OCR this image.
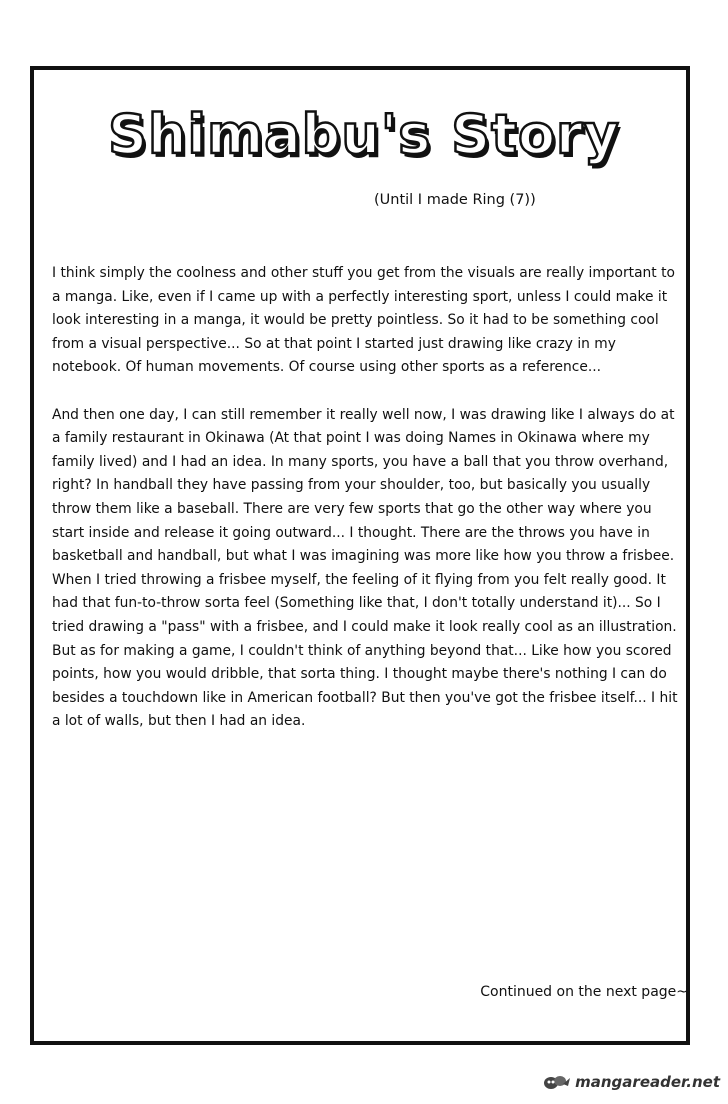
Shimabu's Story
(Until I made Ring (7))

I think simply the coolness and other stuff you get from the visuals are really important to a manga. Like, even if I came up with a perfectly interesting sport, unless I could make it look interesting in a manga, it would be pretty pointless. So it had to be something cool from a visual perspective... So at that point I started just drawing like crazy in my notebook. Of human movements. Of course using other sports as a reference...

And then one day, I can still remember it really well now, I was drawing like I always do at a family restaurant in Okinawa (At that point I was doing Names in Okinawa where my family lived) and I had an idea. In many sports, you have a ball that you throw overhand, right? In handball they have passing from your shoulder, too, but basically you usually throw them like a baseball. There are very few sports that go the other way where you start inside and release it going outward... I thought. There are the throws you have in basketball and handball, but what I was imagining was more like how you throw a frisbee. When I tried throwing a frisbee myself, the feeling of it flying from you felt really good. It had that fun-to-throw sorta feel (Something like that, I don't totally understand it)... So I tried drawing a "pass" with a frisbee, and I could make it look really cool as an illustration. But as for making a game, I couldn't think of anything beyond that... Like how you scored points, how you would dribble, that sorta thing. I thought maybe there's nothing I can do besides a touchdown like in American football? But then you've got the frisbee itself... I hit a lot of walls, but then I had an idea.

Continued on the next page~
mangareader.net
